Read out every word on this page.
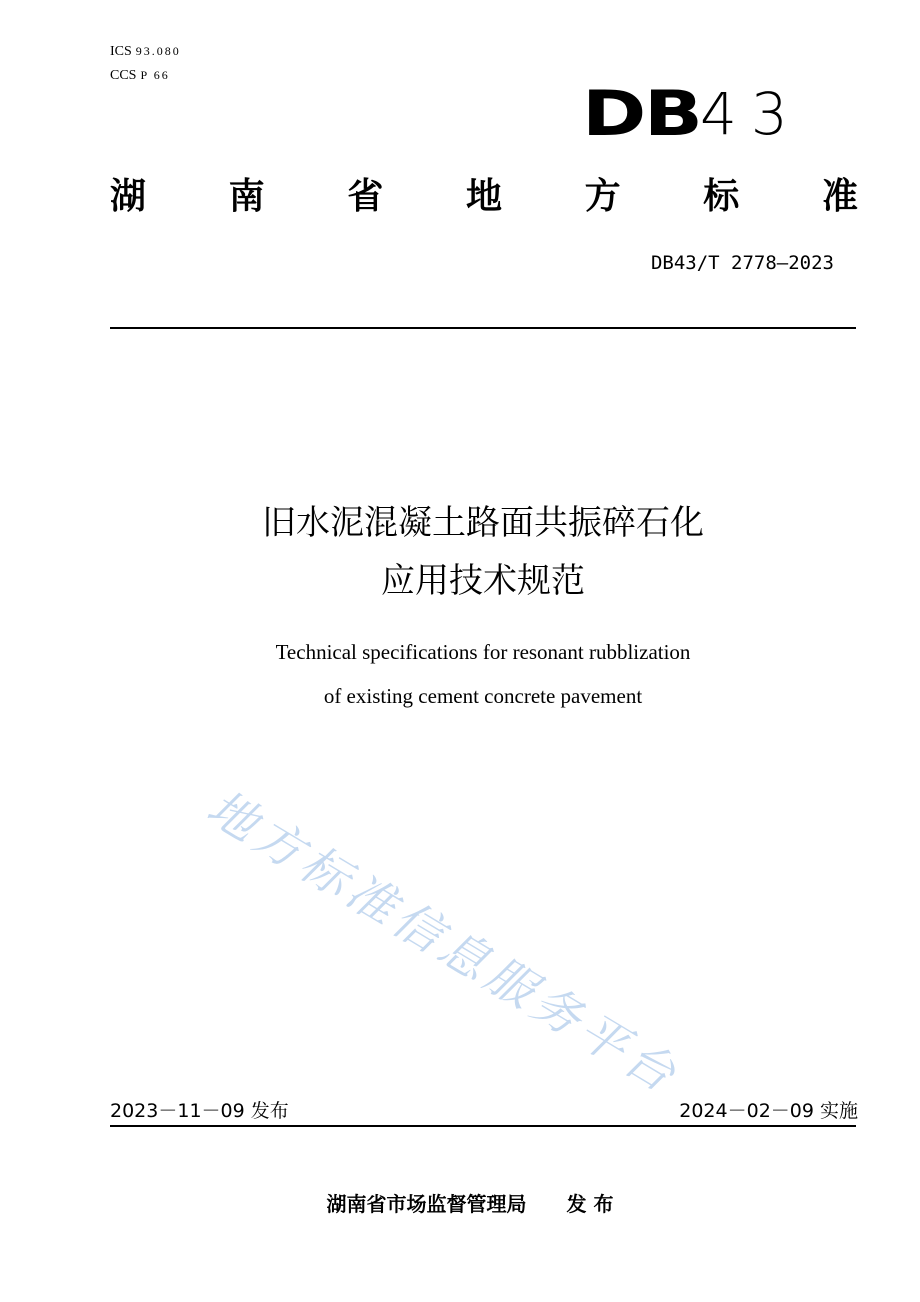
ICS 93.080
CCS P 66
DB 43
湖 南 省 地 方 标 准
DB43/T 2778—2023
旧水泥混凝土路面共振碎石化
应用技术规范
Technical specifications for resonant rubblization
of existing cement concrete pavement
地方标准信息服务平台
2023－11－09 发布	2024－02－09 实施
湖南省市场监督管理局 发 布
